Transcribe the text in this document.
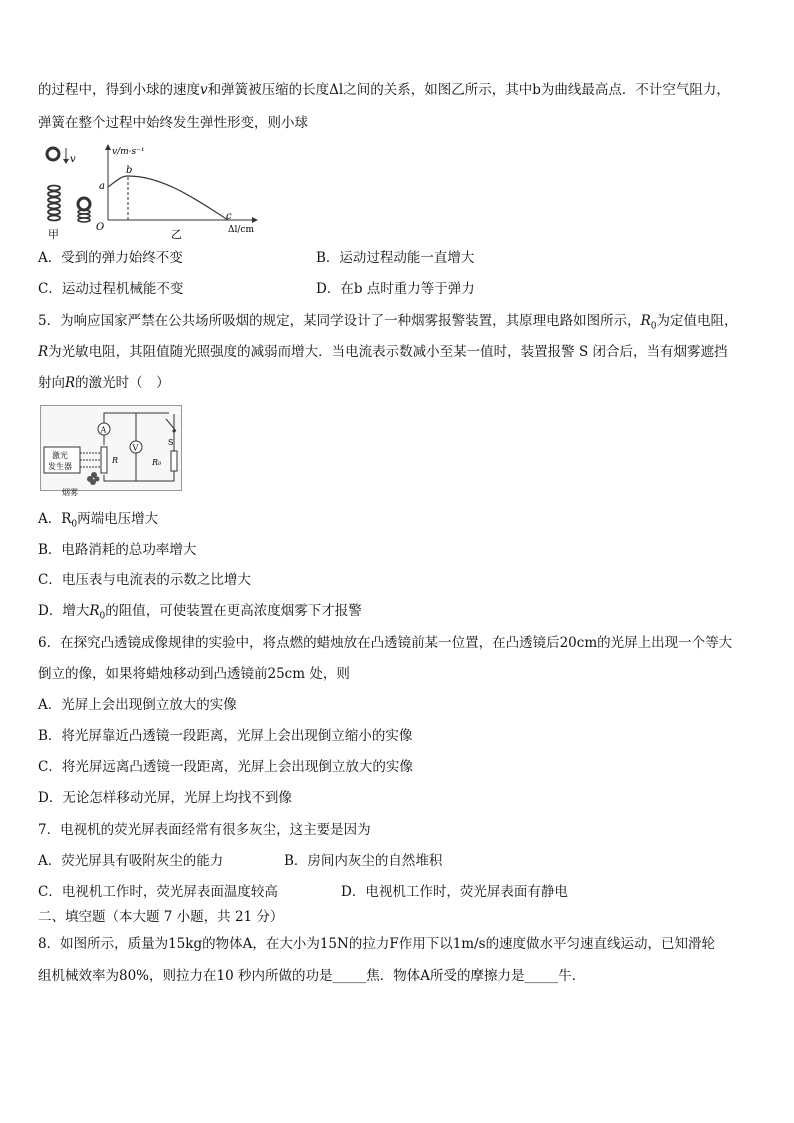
的过程中，得到小球的速度v和弹簧被压缩的长度Δl之间的关系，如图乙所示，其中b为曲线最高点．不计空气阻力，
弹簧在整个过程中始终发生弹性形变，则小球
v
甲
v/m·s⁻¹
Δl/cm
O
a
b
c
乙
A．受到的弹力始终不变	B．运动过程动能一直增大
C．运动过程机械能不变	D．在b 点时重力等于弹力
5．为响应国家严禁在公共场所吸烟的规定，某同学设计了一种烟雾报警装置，其原理电路如图所示，$R_0$为定值电阻，
R为光敏电阻，其阻值随光照强度的减弱而增大．当电流表示数减小至某一值时，装置报警 S 闭合后，当有烟雾遮挡
射向R的激光时（　）
激光
发生器
A
R
V
S
R₀
烟雾
A．$R_0$两端电压增大
B．电路消耗的总功率增大
C．电压表与电流表的示数之比增大
D．增大$R_0$的阻值，可使装置在更高浓度烟雾下才报警
6．在探究凸透镜成像规律的实验中，将点燃的蜡烛放在凸透镜前某一位置，在凸透镜后20cm的光屏上出现一个等大
倒立的像，如果将蜡烛移动到凸透镜前25cm 处，则
A．光屏上会出现倒立放大的实像
B．将光屏靠近凸透镜一段距离，光屏上会出现倒立缩小的实像
C．将光屏远离凸透镜一段距离，光屏上会出现倒立放大的实像
D．无论怎样移动光屏，光屏上均找不到像
7．电视机的荧光屏表面经常有很多灰尘，这主要是因为
A．荧光屏具有吸附灰尘的能力	B．房间内灰尘的自然堆积
C．电视机工作时，荧光屏表面温度较高	D．电视机工作时，荧光屏表面有静电
二、填空题（本大题 7 小题，共 21 分）
8．如图所示，质量为15kg的物体A，在大小为15N的拉力F作用下以1m/s的速度做水平匀速直线运动，已知滑轮
组机械效率为80%，则拉力在10 秒内所做的功是_____焦．物体A所受的摩擦力是_____牛．
